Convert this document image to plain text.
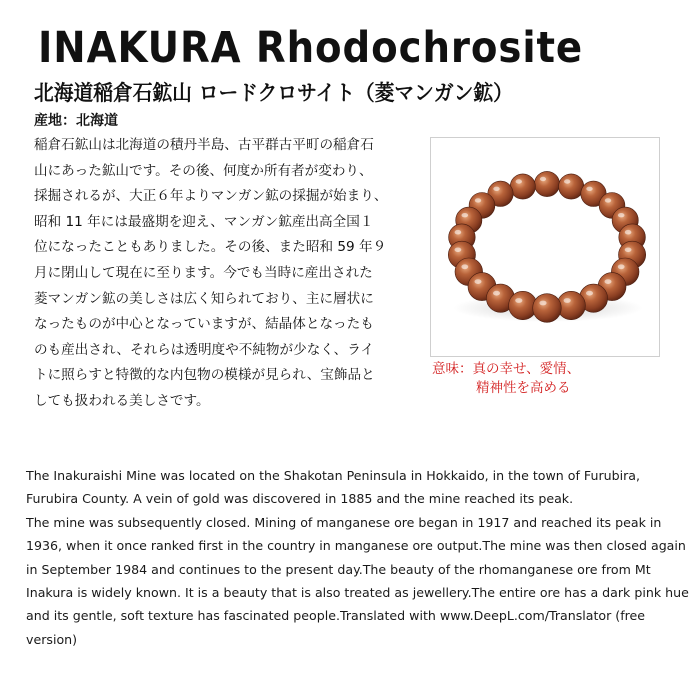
INAKURA Rhodochrosite
北海道稲倉石鉱山 ロードクロサイト（菱マンガン鉱）
産地：北海道

稲倉石鉱山は北海道の積丹半島、古平群古平町の稲倉石
山にあった鉱山です。その後、何度か所有者が変わり、
採掘されるが、大正６年よりマンガン鉱の採掘が始まり、
昭和 11 年には最盛期を迎え、マンガン鉱産出高全国１
位になったこともありました。その後、また昭和 59 年９
月に閉山して現在に至ります。今でも当時に産出された
菱マンガン鉱の美しさは広く知られており、主に層状に
なったものが中心となっていますが、結晶体となったも
のも産出され、それらは透明度や不純物が少なく、ライ
トに照らすと特徴的な内包物の模様が見られ、宝飾品と
しても扱われる美しさです。

意味：真の幸せ、愛情、
精神性を高める

The Inakuraishi Mine was located on the Shakotan Peninsula in Hokkaido, in the town of Furubira,
Furubira County. A vein of gold was discovered in 1885 and the mine reached its peak.
The mine was subsequently closed. Mining of manganese ore began in 1917 and reached its peak in
1936, when it once ranked first in the country in manganese ore output.The mine was then closed again
in September 1984 and continues to the present day.The beauty of the rhomanganese ore from Mt
Inakura is widely known. It is a beauty that is also treated as jewellery.The entire ore has a dark pink hue
and its gentle, soft texture has fascinated people.Translated with www.DeepL.com/Translator (free
version)
